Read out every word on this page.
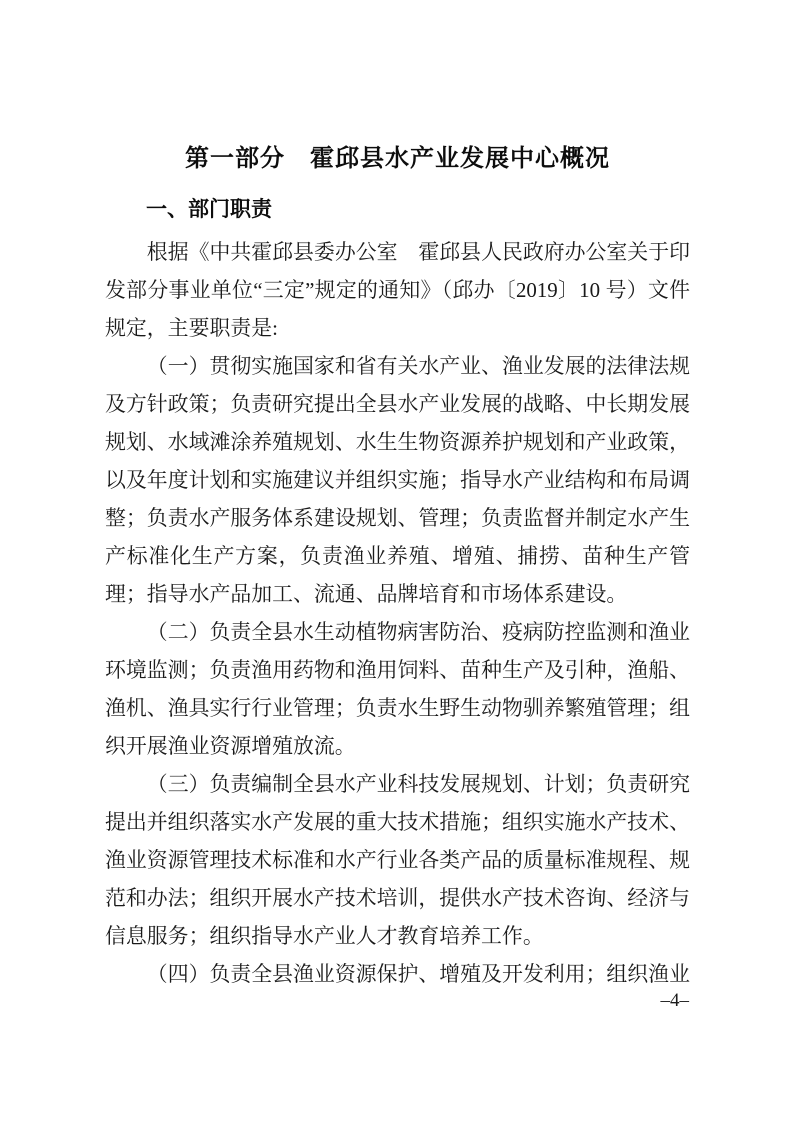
第一部分　霍邱县水产业发展中心概况
一、部门职责

根据《中共霍邱县委办公室　霍邱县人民政府办公室关于印发部分事业单位“三定”规定的通知》（邱办〔2019〕10 号）文件规定，主要职责是:

（一）贯彻实施国家和省有关水产业、渔业发展的法律法规及方针政策；负责研究提出全县水产业发展的战略、中长期发展规划、水域滩涂养殖规划、水生生物资源养护规划和产业政策，以及年度计划和实施建议并组织实施；指导水产业结构和布局调整；负责水产服务体系建设规划、管理；负责监督并制定水产生产标准化生产方案，负责渔业养殖、增殖、捕捞、苗种生产管理；指导水产品加工、流通、品牌培育和市场体系建设。

（二）负责全县水生动植物病害防治、疫病防控监测和渔业环境监测；负责渔用药物和渔用饲料、苗种生产及引种，渔船、渔机、渔具实行行业管理；负责水生野生动物驯养繁殖管理；组织开展渔业资源增殖放流。

（三）负责编制全县水产业科技发展规划、计划；负责研究提出并组织落实水产发展的重大技术措施；组织实施水产技术、渔业资源管理技术标准和水产行业各类产品的质量标准规程、规范和办法；组织开展水产技术培训，提供水产技术咨询、经济与信息服务；组织指导水产业人才教育培养工作。

（四）负责全县渔业资源保护、增殖及开发利用；组织渔业

–4–
